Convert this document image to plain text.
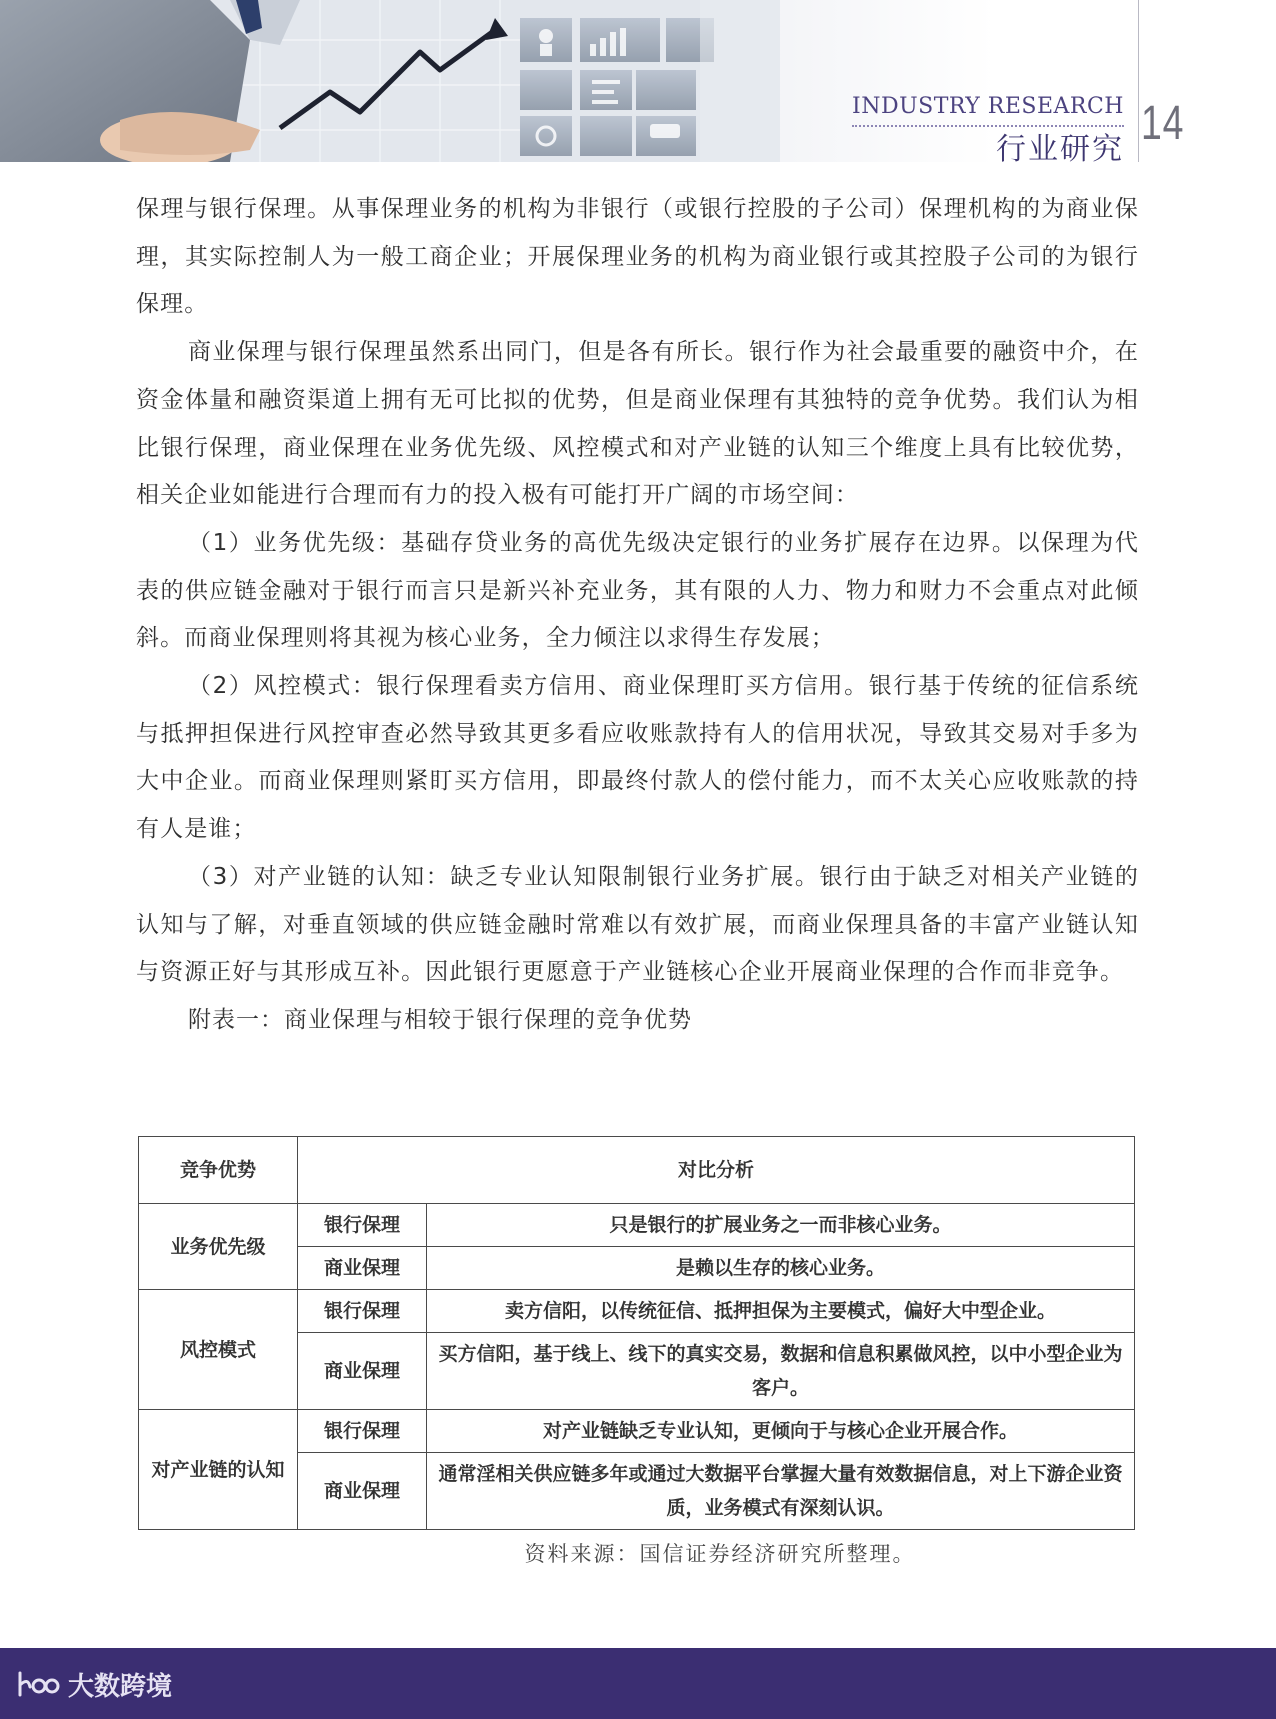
INDUSTRY RESEARCH
行业研究 14

保理与银行保理。从事保理业务的机构为非银行（或银行控股的子公司）保理机构的为商业保理，其实际控制人为一般工商企业；开展保理业务的机构为商业银行或其控股子公司的为银行保理。

商业保理与银行保理虽然系出同门，但是各有所长。银行作为社会最重要的融资中介，在资金体量和融资渠道上拥有无可比拟的优势，但是商业保理有其独特的竞争优势。我们认为相比银行保理，商业保理在业务优先级、风控模式和对产业链的认知三个维度上具有比较优势，相关企业如能进行合理而有力的投入极有可能打开广阔的市场空间：

（1）业务优先级：基础存贷业务的高优先级决定银行的业务扩展存在边界。以保理为代表的供应链金融对于银行而言只是新兴补充业务，其有限的人力、物力和财力不会重点对此倾斜。而商业保理则将其视为核心业务，全力倾注以求得生存发展；

（2）风控模式：银行保理看卖方信用、商业保理盯买方信用。银行基于传统的征信系统与抵押担保进行风控审查必然导致其更多看应收账款持有人的信用状况，导致其交易对手多为大中企业。而商业保理则紧盯买方信用，即最终付款人的偿付能力，而不太关心应收账款的持有人是谁；

（3）对产业链的认知：缺乏专业认知限制银行业务扩展。银行由于缺乏对相关产业链的认知与了解，对垂直领域的供应链金融时常难以有效扩展，而商业保理具备的丰富产业链认知与资源正好与其形成互补。因此银行更愿意于产业链核心企业开展商业保理的合作而非竞争。

附表一：商业保理与相较于银行保理的竞争优势

竞争优势	对比分析	
业务优先级	银行保理	只是银行的扩展业务之一而非核心业务。
	商业保理	是赖以生存的核心业务。
风控模式	银行保理	卖方信阳，以传统征信、抵押担保为主要模式，偏好大中型企业。
	商业保理	买方信阳，基于线上、线下的真实交易，数据和信息积累做风控，以中小型企业为客户。
对产业链的认知	银行保理	对产业链缺乏专业认知，更倾向于与核心企业开展合作。
	商业保理	通常淫相关供应链多年或通过大数据平台掌握大量有效数据信息，对上下游企业资质，业务模式有深刻认识。
资料来源：国信证券经济研究所整理。
大数跨境
